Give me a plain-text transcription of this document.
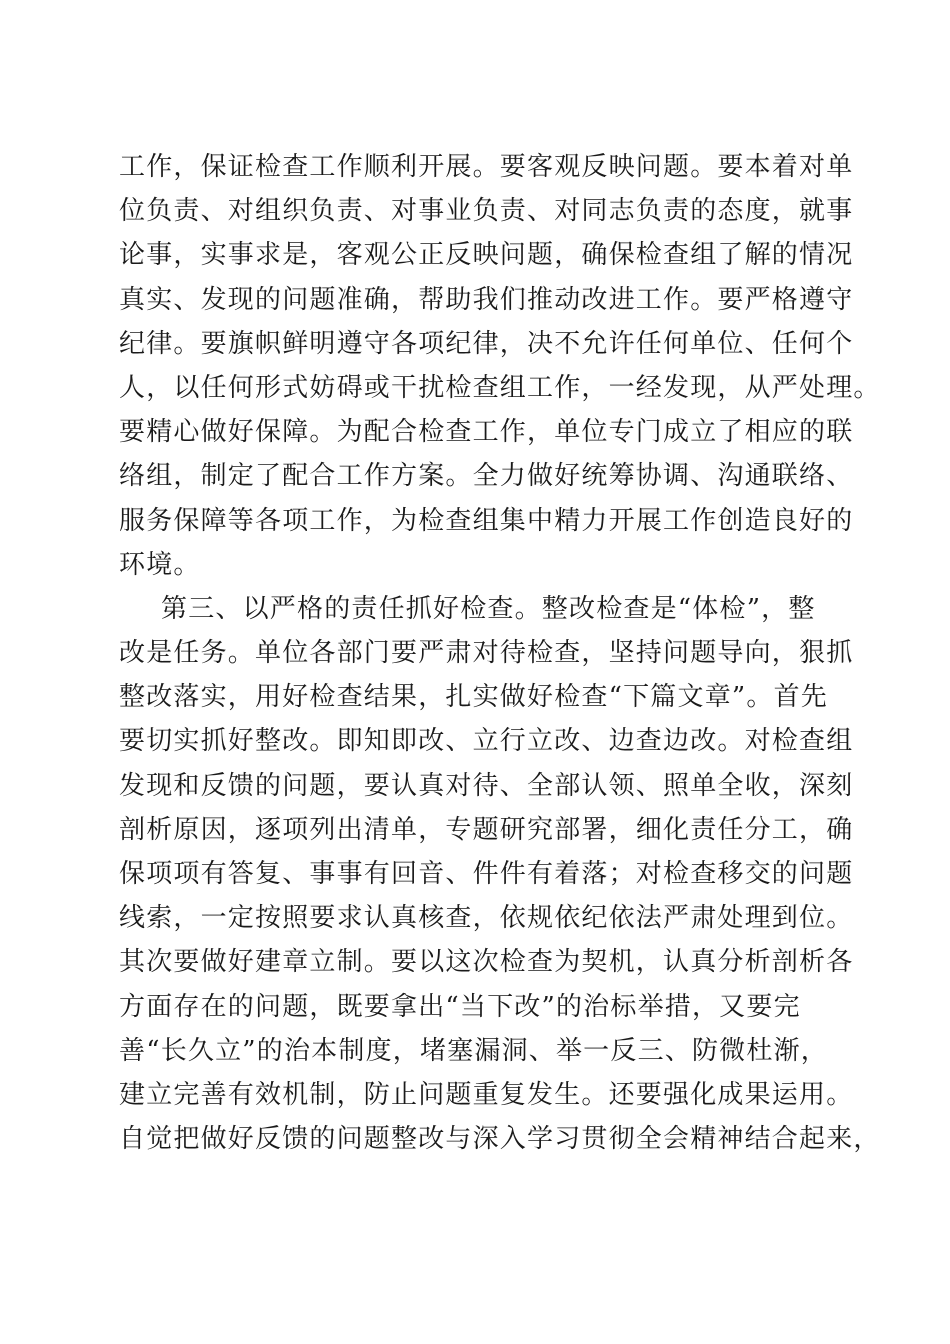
工作，保证检查工作顺利开展。要客观反映问题。要本着对单
位负责、对组织负责、对事业负责、对同志负责的态度，就事
论事，实事求是，客观公正反映问题，确保检查组了解的情况
真实、发现的问题准确，帮助我们推动改进工作。要严格遵守
纪律。要旗帜鲜明遵守各项纪律，决不允许任何单位、任何个
人，以任何形式妨碍或干扰检查组工作，一经发现，从严处理。
要精心做好保障。为配合检查工作，单位专门成立了相应的联
络组，制定了配合工作方案。全力做好统筹协调、沟通联络、
服务保障等各项工作，为检查组集中精力开展工作创造良好的
环境。
第三、以严格的责任抓好检查。整改检查是“体检”，整
改是任务。单位各部门要严肃对待检查，坚持问题导向，狠抓
整改落实，用好检查结果，扎实做好检查“下篇文章”。首先
要切实抓好整改。即知即改、立行立改、边查边改。对检查组
发现和反馈的问题，要认真对待、全部认领、照单全收，深刻
剖析原因，逐项列出清单，专题研究部署，细化责任分工，确
保项项有答复、事事有回音、件件有着落；对检查移交的问题
线索，一定按照要求认真核查，依规依纪依法严肃处理到位。
其次要做好建章立制。要以这次检查为契机，认真分析剖析各
方面存在的问题，既要拿出“当下改”的治标举措，又要完
善“长久立”的治本制度，堵塞漏洞、举一反三、防微杜渐，
建立完善有效机制，防止问题重复发生。还要强化成果运用。
自觉把做好反馈的问题整改与深入学习贯彻全会精神结合起来，
